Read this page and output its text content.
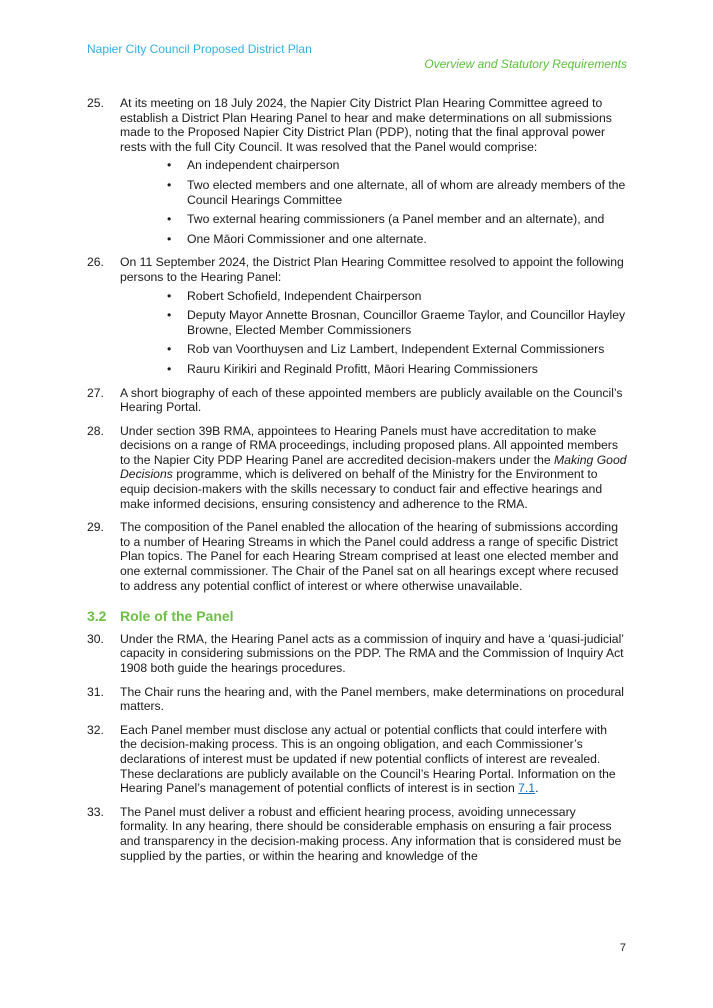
Napier City Council Proposed District Plan
Overview and Statutory Requirements
25. At its meeting on 18 July 2024, the Napier City District Plan Hearing Committee agreed to establish a District Plan Hearing Panel to hear and make determinations on all submissions made to the Proposed Napier City District Plan (PDP), noting that the final approval power rests with the full City Council. It was resolved that the Panel would comprise:
• An independent chairperson
• Two elected members and one alternate, all of whom are already members of the Council Hearings Committee
• Two external hearing commissioners (a Panel member and an alternate), and
• One Māori Commissioner and one alternate.
26. On 11 September 2024, the District Plan Hearing Committee resolved to appoint the following persons to the Hearing Panel:
• Robert Schofield, Independent Chairperson
• Deputy Mayor Annette Brosnan, Councillor Graeme Taylor, and Councillor Hayley Browne, Elected Member Commissioners
• Rob van Voorthuysen and Liz Lambert, Independent External Commissioners
• Rauru Kirikiri and Reginald Profitt, Māori Hearing Commissioners
27. A short biography of each of these appointed members are publicly available on the Council’s Hearing Portal.
28. Under section 39B RMA, appointees to Hearing Panels must have accreditation to make decisions on a range of RMA proceedings, including proposed plans. All appointed members to the Napier City PDP Hearing Panel are accredited decision-makers under the Making Good Decisions programme, which is delivered on behalf of the Ministry for the Environment to equip decision-makers with the skills necessary to conduct fair and effective hearings and make informed decisions, ensuring consistency and adherence to the RMA.
29. The composition of the Panel enabled the allocation of the hearing of submissions according to a number of Hearing Streams in which the Panel could address a range of specific District Plan topics. The Panel for each Hearing Stream comprised at least one elected member and one external commissioner. The Chair of the Panel sat on all hearings except where recused to address any potential conflict of interest or where otherwise unavailable.
3.2 Role of the Panel
30. Under the RMA, the Hearing Panel acts as a commission of inquiry and have a ‘quasi-judicial’ capacity in considering submissions on the PDP. The RMA and the Commission of Inquiry Act 1908 both guide the hearings procedures.
31. The Chair runs the hearing and, with the Panel members, make determinations on procedural matters.
32. Each Panel member must disclose any actual or potential conflicts that could interfere with the decision-making process. This is an ongoing obligation, and each Commissioner’s declarations of interest must be updated if new potential conflicts of interest are revealed. These declarations are publicly available on the Council’s Hearing Portal. Information on the Hearing Panel’s management of potential conflicts of interest is in section 7.1.
33. The Panel must deliver a robust and efficient hearing process, avoiding unnecessary formality. In any hearing, there should be considerable emphasis on ensuring a fair process and transparency in the decision-making process. Any information that is considered must be supplied by the parties, or within the hearing and knowledge of the
7
